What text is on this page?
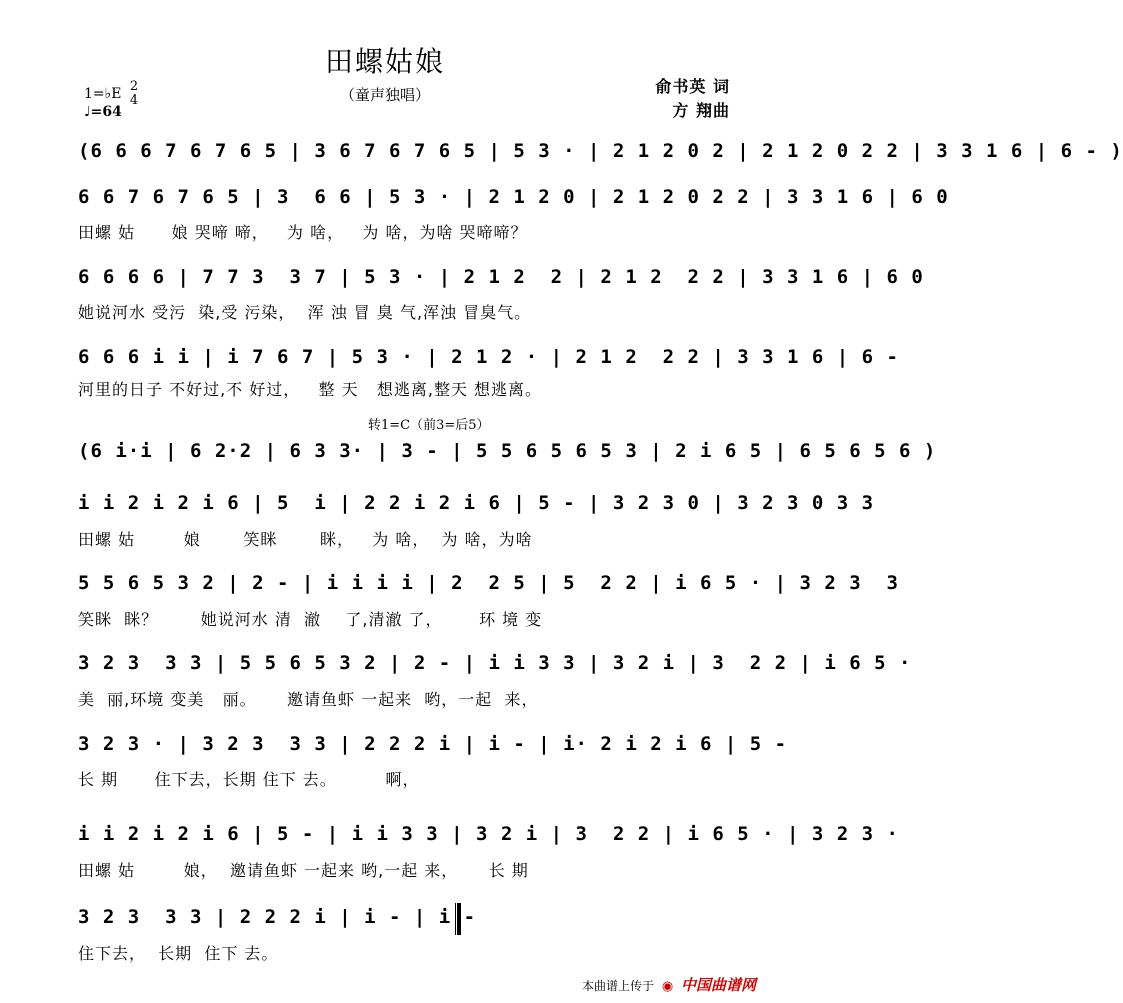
田螺姑娘
（童声独唱）
1=♭E 2
4
♩=64
俞书英 词
方 翔曲
转1=C（前3=后5）
(6 6 6 7 6 7 6 5 | 3 6 7 6 7 6 5 | 5 3 · | 2 1 2 0 2 | 2 1 2 0 2 2 | 3 3 1 6 | 6 - )
6 6 7 6 7 6 5 | 3  6 6 | 5 3 · | 2 1 2 0 | 2 1 2 0 2 2 | 3 3 1 6 | 6 0
田螺 姑      娘 哭啼 啼，   为 啥，   为 啥，为啥 哭啼啼？
6 6 6 6 | 7 7 3  3 7 | 5 3 · | 2 1 2  2 | 2 1 2  2 2 | 3 3 1 6 | 6 0
她说河水 受污  染,受 污染，  浑 浊 冒 臭 气,浑浊 冒臭气。
6 6 6 i i | i 7 6 7 | 5 3 · | 2 1 2 · | 2 1 2  2 2 | 3 3 1 6 | 6 -
河里的日子 不好过,不 好过，   整 天   想逃离,整天 想逃离。
(6 i·i | 6 2·2 | 6 3 3· | 3 - | 5 5 6 5 6 5 3 | 2 i 6 5 | 6 5 6 5 6 )
i i 2 i 2 i 6 | 5  i | 2 2 i 2 i 6 | 5 - | 3 2 3 0 | 3 2 3 0 3 3
田螺 姑        娘       笑眯       眯，   为 啥，  为 啥，为啥
5 5 6 5 3 2 | 2 - | i i i i | 2  2 5 | 5  2 2 | i 6 5 · | 3 2 3  3
笑眯  眯？       她说河水 清  澈    了,清澈 了，      环 境 变
3 2 3  3 3 | 5 5 6 5 3 2 | 2 - | i i 3 3 | 3 2 i | 3  2 2 | i 6 5 ·
美  丽,环境 变美   丽。     邀请鱼虾 一起来  哟，一起  来，
3 2 3 · | 3 2 3  3 3 | 2 2 2 i | i - | i· 2 i 2 i 6 | 5 -
长 期      住下去，长期 住下 去。        啊，
i i 2 i 2 i 6 | 5 - | i i 3 3 | 3 2 i | 3  2 2 | i 6 5 · | 3 2 3 ·
田螺 姑        娘，  邀请鱼虾 一起来 哟,一起 来，     长 期
3 2 3  3 3 | 2 2 2 i | i - | i -
住下去，  长期  住下 去。
本曲谱上传于 ◉ 中国曲谱网
